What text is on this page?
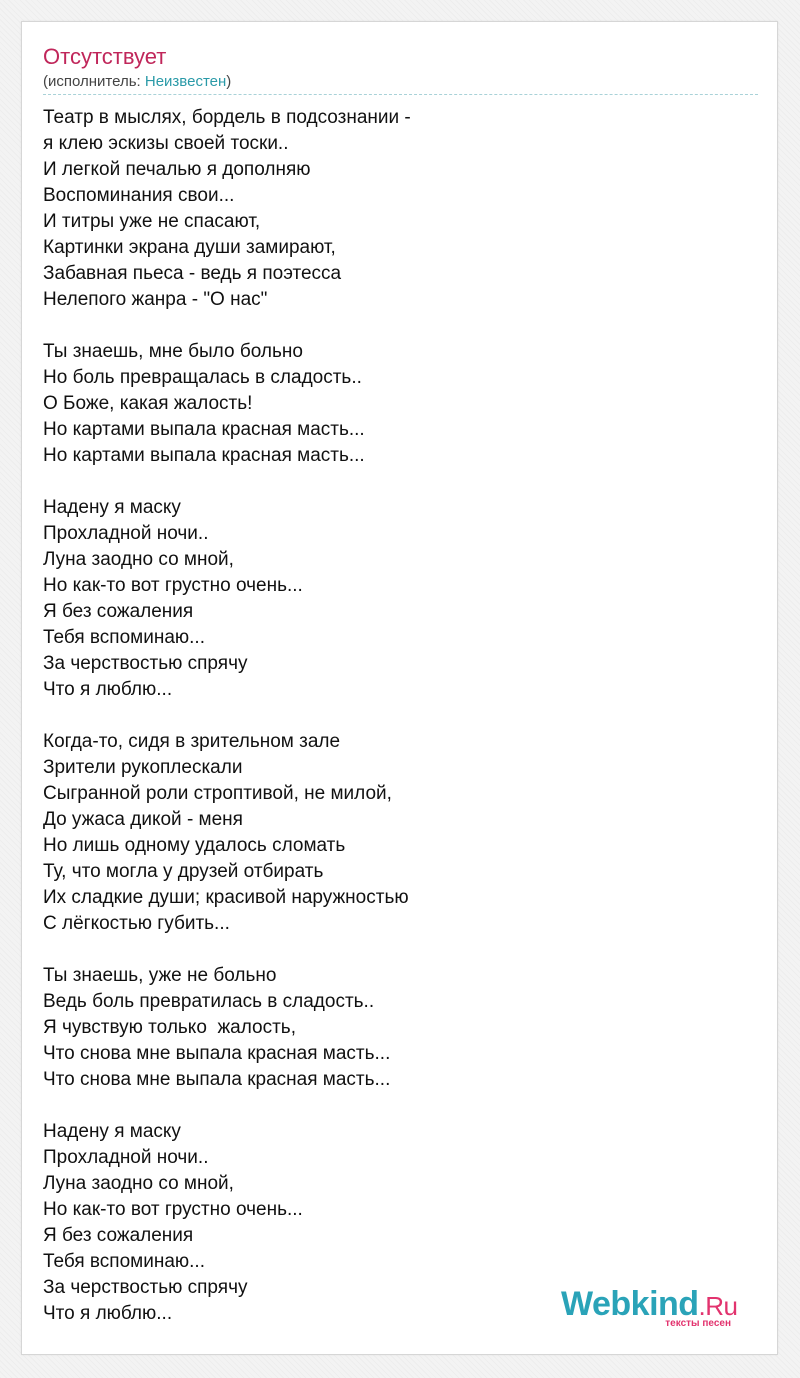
Отсутствует
(исполнитель: Неизвестен)
Театр в мыслях, бордель в подсознании -
я клею эскизы своей тоски..
И легкой печалью я дополняю
Воспоминания свои...
И титры уже не спасают,
Картинки экрана души замирают,
Забавная пьеса - ведь я поэтесса
Нелепого жанра - "О нас"

Ты знаешь, мне было больно
Но боль превращалась в сладость..
О Боже, какая жалость!
Но картами выпала красная масть...
Но картами выпала красная масть...

Надену я маску
Прохладной ночи..
Луна заодно со мной,
Но как-то вот грустно очень...
Я без сожаления
Тебя вспоминаю...
За черствостью спрячу
Что я люблю...

Когда-то, сидя в зрительном зале
Зрители рукоплескали
Сыгранной роли строптивой, не милой,
До ужаса дикой - меня
Но лишь одному удалось сломать
Ту, что могла у друзей отбирать
Их сладкие души; красивой наружностью
С лёгкостью губить...

Ты знаешь, уже не больно
Ведь боль превратилась в сладость..
Я чувствую только  жалость,
Что снова мне выпала красная масть...
Что снова мне выпала красная масть...

Надену я маску
Прохладной ночи..
Луна заодно со мной,
Но как-то вот грустно очень...
Я без сожаления
Тебя вспоминаю...
За черствостью спрячу
Что я люблю...	Webkind.Ru
тексты песен
